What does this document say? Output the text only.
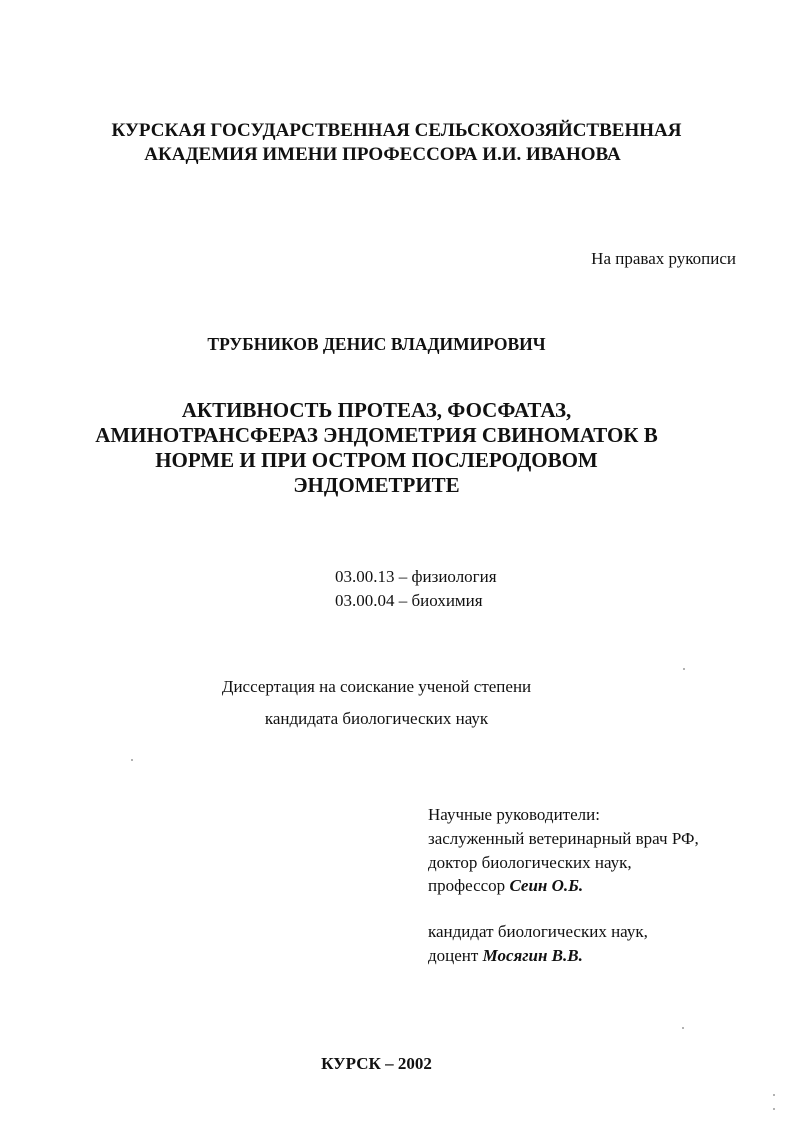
КУРСКАЯ ГОСУДАРСТВЕННАЯ СЕЛЬСКОХОЗЯЙСТВЕННАЯ
АКАДЕМИЯ ИМЕНИ ПРОФЕССОРА И.И. ИВАНОВА
На правах рукописи
ТРУБНИКОВ ДЕНИС ВЛАДИМИРОВИЧ
АКТИВНОСТЬ ПРОТЕАЗ, ФОСФАТАЗ,
АМИНОТРАНСФЕРАЗ ЭНДОМЕТРИЯ СВИНОМАТОК В
НОРМЕ И ПРИ ОСТРОМ ПОСЛЕРОДОВОМ
ЭНДОМЕТРИТЕ
03.00.13 – физиология
03.00.04 – биохимия
Диссертация на соискание ученой степени
кандидата биологических наук
Научные руководители:
заслуженный ветеринарный врач РФ,
доктор биологических наук,
профессор Сеин О.Б.
кандидат биологических наук,
доцент Мосягин В.В.
КУРСК – 2002
